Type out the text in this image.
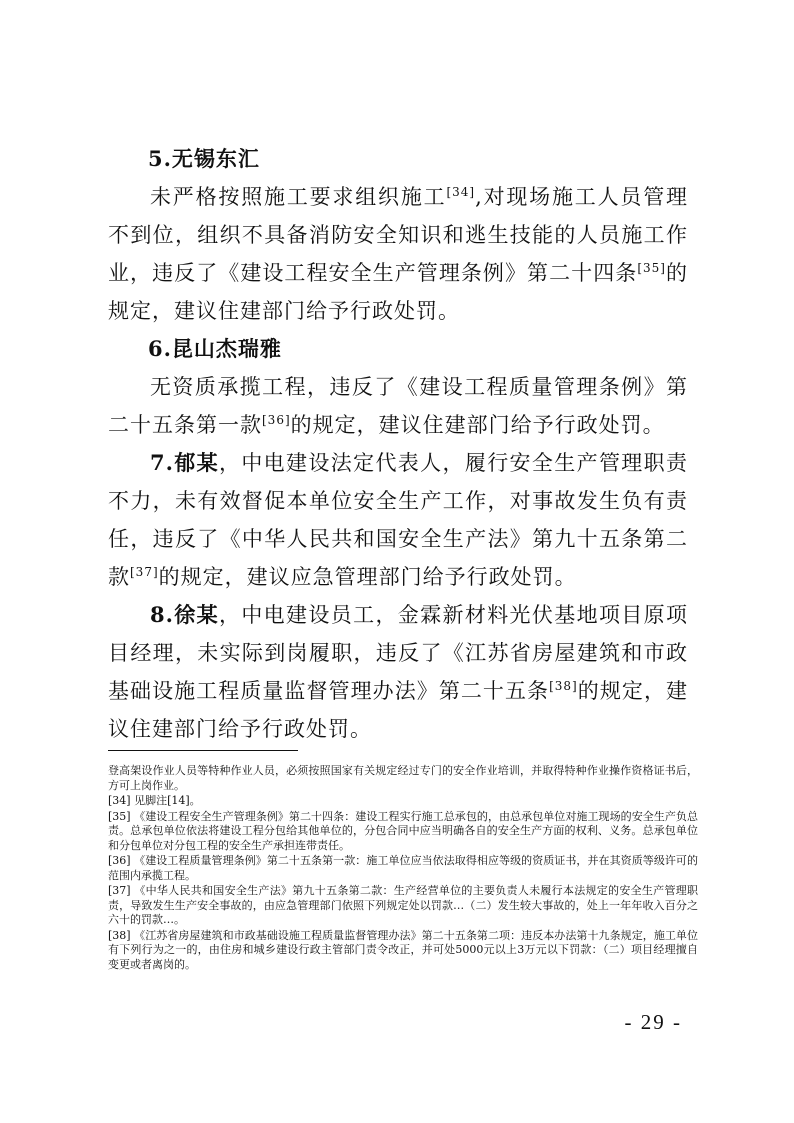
5.无锡东汇

未严格按照施工要求组织施工[34],对现场施工人员管理不到位，组织不具备消防安全知识和逃生技能的人员施工作业，违反了《建设工程安全生产管理条例》第二十四条[35]的规定，建议住建部门给予行政处罚。

6.昆山杰瑞雅

无资质承揽工程，违反了《建设工程质量管理条例》第二十五条第一款[36]的规定，建议住建部门给予行政处罚。

7.郁某，中电建设法定代表人，履行安全生产管理职责不力，未有效督促本单位安全生产工作，对事故发生负有责任，违反了《中华人民共和国安全生产法》第九十五条第二款[37]的规定，建议应急管理部门给予行政处罚。

8.徐某，中电建设员工，金霖新材料光伏基地项目原项目经理，未实际到岗履职，违反了《江苏省房屋建筑和市政基础设施工程质量监督管理办法》第二十五条[38]的规定，建议住建部门给予行政处罚。

登高架设作业人员等特种作业人员，必须按照国家有关规定经过专门的安全作业培训，并取得特种作业操作资格证书后，方可上岗作业。

[34] 见脚注[14]。

[35] 《建设工程安全生产管理条例》第二十四条：建设工程实行施工总承包的，由总承包单位对施工现场的安全生产负总责。总承包单位依法将建设工程分包给其他单位的，分包合同中应当明确各自的安全生产方面的权利、义务。总承包单位和分包单位对分包工程的安全生产承担连带责任。

[36] 《建设工程质量管理条例》第二十五条第一款：施工单位应当依法取得相应等级的资质证书，并在其资质等级许可的范围内承揽工程。

[37] 《中华人民共和国安全生产法》第九十五条第二款：生产经营单位的主要负责人未履行本法规定的安全生产管理职责，导致发生生产安全事故的，由应急管理部门依照下列规定处以罚款…（二）发生较大事故的，处上一年年收入百分之六十的罚款…。

[38] 《江苏省房屋建筑和市政基础设施工程质量监督管理办法》第二十五条第二项：违反本办法第十九条规定，施工单位有下列行为之一的，由住房和城乡建设行政主管部门责令改正，并可处5000元以上3万元以下罚款：（二）项目经理擅自变更或者离岗的。

- 29 -
